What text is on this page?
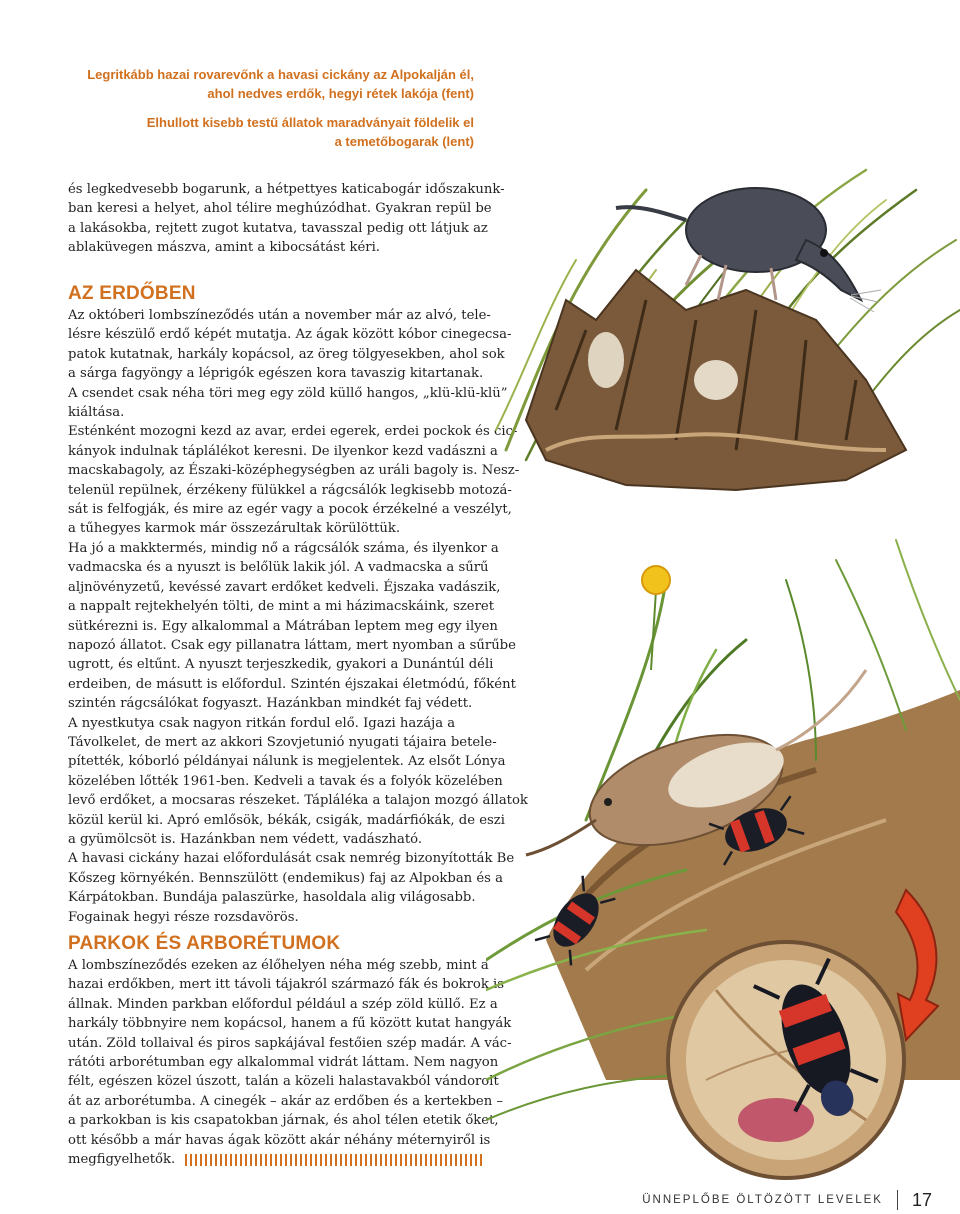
Legritkább hazai rovarevőnk a havasi cickány az Alpokalján él,
ahol nedves erdők, hegyi rétek lakója (fent)
Elhullott kisebb testű állatok maradványait földelik el
a temetőbogarak (lent)
és legkedvesebb bogarunk, a hétpettyes katicabogár időszakunk-
ban keresi a helyet, ahol télire meghúzódhat. Gyakran repül be
a lakásokba, rejtett zugot kutatva, tavasszal pedig ott látjuk az
ablaküvegen mászva, amint a kibocsátást kéri.
AZ ERDŐBEN
Az októberi lombszíneződés után a november már az alvó, tele-
lésre készülő erdő képét mutatja. Az ágak között kóbor cinegecsa-
patok kutatnak, harkály kopácsol, az öreg tölgyesekben, ahol sok
a sárga fagyöngy a léprigók egészen kora tavaszig kitartanak.
A csendet csak néha töri meg egy zöld küllő hangos, „klü-klü-klü”
kiáltása.
Esténként mozogni kezd az avar, erdei egerek, erdei pockok és cic-
kányok indulnak táplálékot keresni. De ilyenkor kezd vadászni a
macskabagoly, az Északi-középhegységben az uráli bagoly is. Nesz-
telenül repülnek, érzékeny fülükkel a rágcsálók legkisebb motozá-
sát is felfogják, és mire az egér vagy a pocok érzékelné a veszélyt,
a tűhegyes karmok már összezárultak körülöttük.
Ha jó a makktermés, mindig nő a rágcsálók száma, és ilyenkor a
vadmacska és a nyuszt is belőlük lakik jól. A vadmacska a sűrű
aljnövényzetű, kevéssé zavart erdőket kedveli. Éjszaka vadászik,
a nappalt rejtekhelyén tölti, de mint a mi házimacskáink, szeret
sütkérezni is. Egy alkalommal a Mátrában leptem meg egy ilyen
napozó állatot. Csak egy pillanatra láttam, mert nyomban a sűrűbe
ugrott, és eltűnt. A nyuszt terjeszkedik, gyakori a Dunántúl déli
erdeiben, de másutt is előfordul. Szintén éjszakai életmódú, főként
szintén rágcsálókat fogyaszt. Hazánkban mindkét faj védett.
A nyestkutya csak nagyon ritkán fordul elő. Igazi hazája a
Távolkelet, de mert az akkori Szovjetunió nyugati tájaira betele-
pítették, kóborló példányai nálunk is megjelentek. Az elsőt Lónya
közelében lőtték 1961-ben. Kedveli a tavak és a folyók közelében
levő erdőket, a mocsaras részeket. Táplálékа a talajon mozgó állatok
közül kerül ki. Apró emlősök, békák, csigák, madárfiókák, de eszi
a gyümölcsöt is. Hazánkban nem védett, vadászható.
A havasi cickány hazai előfordulását csak nemrég bizonyították Be
Kőszeg környékén. Bennszülött (endemikus) faj az Alpokban és a
Kárpátokban. Bundája palaszürke, hasoldala alig világosabb.
Fogainak hegyi része rozsdavörös.
PARKOK ÉS ARBORÉTUMOK
A lombszíneződés ezeken az élőhelyen néha még szebb, mint a
hazai erdőkben, mert itt távoli tájakról származó fák és bokrok is
állnak. Minden parkban előfordul például a szép zöld küllő. Ez a
harkály többnyire nem kopácsol, hanem a fű között kutat hangyák
után. Zöld tollaival és piros sapkájával festőien szép madár. A vác-
rátóti arborétumban egy alkalommal vidrát láttam. Nem nagyon
félt, egészen közel úszott, talán a közeli halastavakból vándorolt
át az arborétumba. A cinegék – akár az erdőben és a kertekben –
a parkokban is kis csapatokban járnak, és ahol télen etetik őket,
ott később a már havas ágak között akár néhány méternyiről is
megfigyelhetők.
ÜNNEPLŐBE ÖLTÖZÖTT LEVELEK 17
